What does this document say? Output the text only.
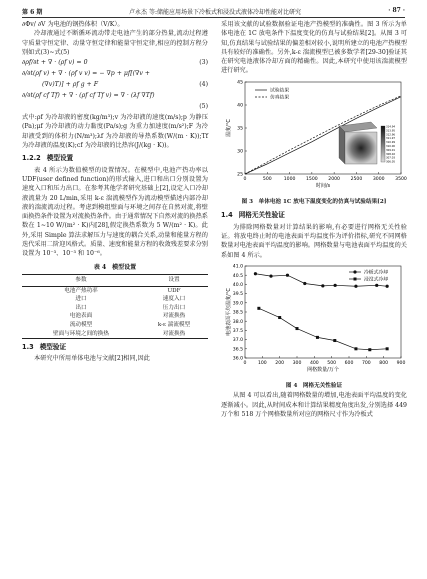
第 6 期	卢永杰 等:储能应用场景下冷板式和浸没式液体冷却性能对比研究	· 87 ·

∂Φv/ ∂V 为电池的钢热体积（V/K）。

冷却液通过不断循环流动带走电池产生的部分热量,流动过程遵守质量守恒定律、动量守恒定律和能量守恒定律,相应的控制方程分别如式(3)~式(5)

∂ρf/∂t + ∇ · (ρf v) = 0	(3)
∂/∂t(ρf v) + ∇ · (ρf v v) = − ∇p + μf[(∇v +
(∇v)T)] + ρf g + F	(4)
∂/∂t(ρf cf Tf) + ∇ · (ρf cf Tf v) = ∇ · (λf ∇Tf)
(5)

式中:ρf 为冷却液的密度(kg/m³);v 为冷却液的速度(m/s);p 为静压(Pa);μf 为冷却液的动力黏度(Pa/s);g 为重力加速度(m/s²);F 为冷却液受到的体积力(N/m³);λf 为冷却液的导热系数(W/(m · K));Tf 为冷却液的温度(K);cf 为冷却液的比热容(J/(kg · K))。

1.2.2 模型设置

表 4 所示为数值模型的设置情况。在模型中,电池产热功率以 UDF(user defined function)的形式输入,进口和出口分别设置为速度入口和压力出口。在参考其他学者研究基础上[2],设定入口冷却液流量为 20 L/min,采用 k-ε 湍流模型作为流动模型描述内部冷却液的湍流流动过程。考虑到模组壁面与环境之间存在自然对流,将壁面换热条件设置为对流换热条件。由于通常情况下自然对流的换热系数在 1~10 W/(m² · K)内[28],假定换热系数为 5 W/(m² · K)。此外,采用 Simple 算法求解压力与速度的耦合关系,动量和能量方程的迭代采用二阶迎风格式。质量、速度和能量方程的收敛残差要求分别设置为 10⁻³、10⁻³ 和 10⁻⁶。

表 4　模型设置
参数	设置
电池产热功率	UDF
进口	速度入口
出口	压力出口
电池表面	对流换热
流动模型	k-ε 湍流模型
壁面与环境之间的换热	对流换热
1.3 模型验证

本研究中所用单体电池与文献[2]相同,因此

采用该文献的试验数据验证电池产热模型的准确性。图 3 所示为单体电池在 1C 放电条件下温度变化的仿真与试验结果[2]。从图 3 可知,仿真结果与试验结果的偏差相对较小,说明所建立的电池产热模型具有较好的准确性。另外,k-ε 湍流模型已被多数学者[29-30]验证其在研究电池液体冷却方面的精确性。因此,本研究中使用该湍流模型进行研究。

0	500	1000 1500 2000 2500 3000 3500
25
30
35
40
45
时间/s
温度/°C
试验结果
仿真结果
314.94
313.95
312.96
311.97
310.99
310.00
309.01
308.02
307.03
306.05
图 3　单体电池 1C 放电下温度变化的仿真与试验结果[2]
1.4 网格无关性验证

为排除网格数量对计算结果的影响,有必要进行网格无关性验证。将放电终止时的电池表面平均温度作为评价指标,研究不同网格数量对电池表面平均温度的影响。网格数量与电池表面平均温度的关系如图 4 所示。

0 100 200 300 400 500 600 700 800 900
36.0
36.5
37.0
37.5
38.0
38.5
39.0
39.5
40.0
40.5
41.0
网格数量/万个
电池表面平均温度/°C
冷板式冷却
浸没式冷却
图 4　网格无关性验证

从图 4 可以看出,随着网格数量的增加,电池表面平均温度的变化逐渐减小。因此,从时间成本和计算结果精度角度出发,分别选择 449 万个和 518 万个网格数量所对应的网格尺寸作为冷板式
